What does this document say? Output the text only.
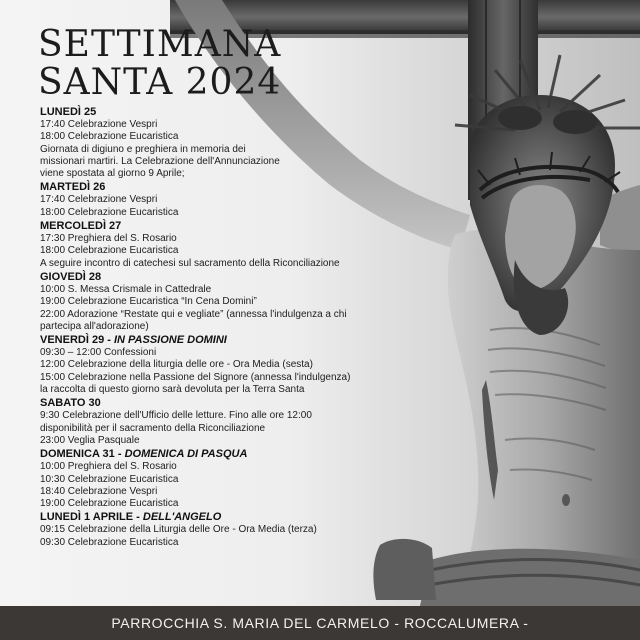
SETTIMANA
SANTA 2024
LUNEDÌ 25
17:40 Celebrazione Vespri
18:00 Celebrazione Eucaristica
Giornata di digiuno e preghiera in memoria dei
missionari martiri. La Celebrazione dell'Annunciazione
viene spostata al giorno 9 Aprile;
MARTEDÌ 26
17:40 Celebrazione Vespri
18:00 Celebrazione Eucaristica
MERCOLEDÌ 27
17:30 Preghiera del S. Rosario
18:00 Celebrazione Eucaristica
A seguire incontro di catechesi sul sacramento della Riconciliazione
GIOVEDÌ 28
10:00 S. Messa Crismale in Cattedrale
19:00 Celebrazione Eucaristica “In Cena Domini”
22:00 Adorazione “Restate qui e vegliate” (annessa l'indulgenza a chi
partecipa all'adorazione)
VENERDÌ 29 - IN PASSIONE DOMINI
09:30 – 12:00 Confessioni
12:00 Celebrazione della liturgia delle ore - Ora Media (sesta)
15:00 Celebrazione nella Passione del Signore (annessa l'indulgenza)
la raccolta di questo giorno sarà devoluta per la Terra Santa
SABATO 30
9:30 Celebrazione dell'Ufficio delle letture. Fino alle ore 12:00
disponibilità per il sacramento della Riconciliazione
23:00 Veglia Pasquale
DOMENICA 31 - DOMENICA DI PASQUA
10:00 Preghiera del S. Rosario
10:30 Celebrazione Eucaristica
18:40 Celebrazione Vespri
19:00 Celebrazione Eucaristica
LUNEDÌ 1 APRILE - DELL'ANGELO
09:15 Celebrazione della Liturgia delle Ore - Ora Media (terza)
09:30 Celebrazione Eucaristica
PARROCCHIA S. MARIA DEL CARMELO - ROCCALUMERA -
